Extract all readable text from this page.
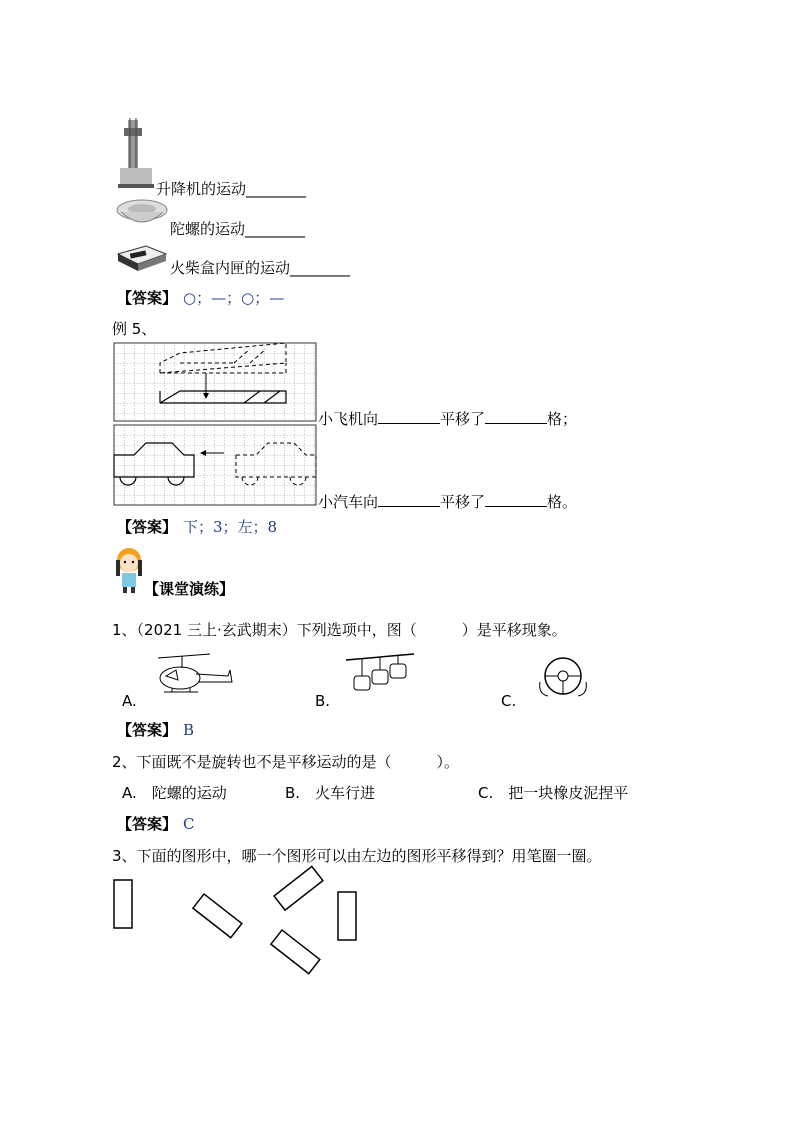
升降机的运动________
陀螺的运动________
火柴盒内匣的运动________
【答案】 ○；—；○；—
例 5、
小飞机向	平移了	格；
小汽车向	平移了	格。
【答案】 下；3；左；8
【课堂演练】
1、（2021 三上·玄武期末）下列选项中，图（　　　）是平移现象。
A.	B.	C.
【答案】 B
2、下面既不是旋转也不是平移运动的是（　　　）。
A.　陀螺的运动	B.　火车行进	C.　把一块橡皮泥捏平
【答案】 C
3、下面的图形中，哪一个图形可以由左边的图形平移得到？用笔圈一圈。
